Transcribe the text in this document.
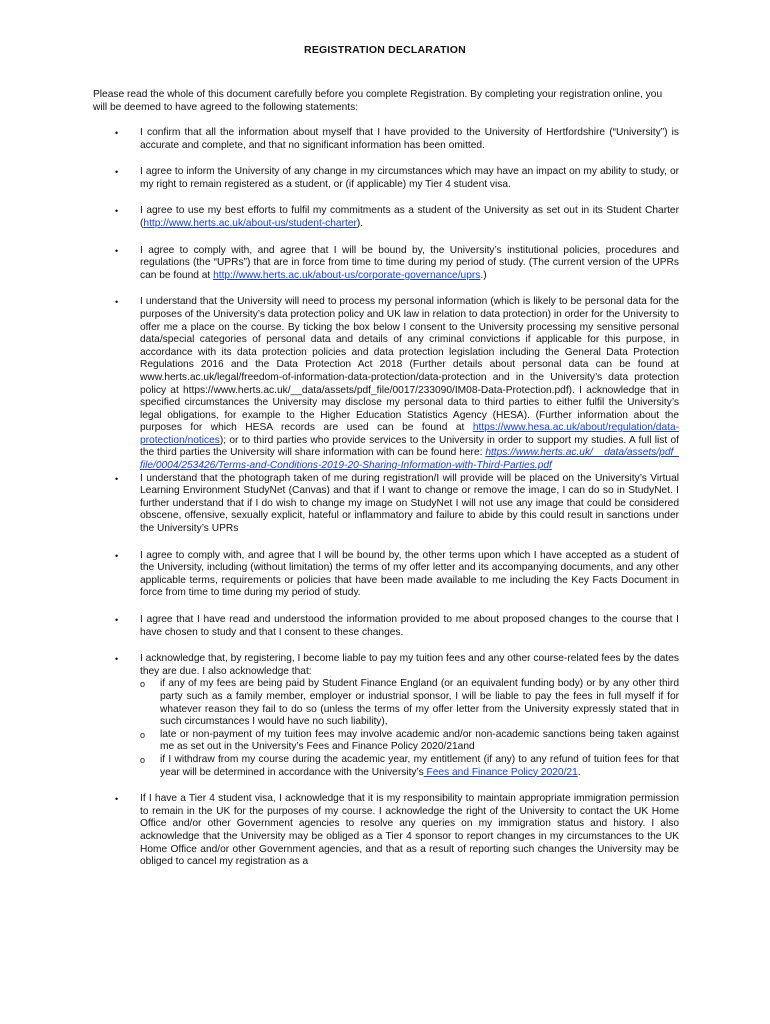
REGISTRATION DECLARATION

Please read the whole of this document carefully before you complete Registration. By completing your registration online, you will be deemed to have agreed to the following statements:

• I confirm that all the information about myself that I have provided to the University of Hertfordshire (“University”) is accurate and complete, and that no significant information has been omitted.
• I agree to inform the University of any change in my circumstances which may have an impact on my ability to study, or my right to remain registered as a student, or (if applicable) my Tier 4 student visa.
• I agree to use my best efforts to fulfil my commitments as a student of the University as set out in its Student Charter (http://www.herts.ac.uk/about-us/student-charter).
• I agree to comply with, and agree that I will be bound by, the University’s institutional policies, procedures and regulations (the “UPRs”) that are in force from time to time during my period of study. (The current version of the UPRs can be found at http://www.herts.ac.uk/about-us/corporate-governance/uprs.)
• I understand that the University will need to process my personal information (which is likely to be personal data for the purposes of the University’s data protection policy and UK law in relation to data protection) in order for the University to offer me a place on the course. By ticking the box below I consent to the University processing my sensitive personal data/special categories of personal data and details of any criminal convictions if applicable for this purpose, in accordance with its data protection policies and data protection legislation including the General Data Protection Regulations 2016 and the Data Protection Act 2018 (Further details about personal data can be found at www.herts.ac.uk/legal/freedom-of-information-data-protection/data-protection and in the University’s data protection policy at https://www.herts.ac.uk/__data/assets/pdf_file/0017/233090/IM08-Data-Protection.pdf). I acknowledge that in specified circumstances the University may disclose my personal data to third parties to either fulfil the University’s legal obligations, for example to the Higher Education Statistics Agency (HESA). (Further information about the purposes for which HESA records are used can be found at https://www.hesa.ac.uk/about/regulation/data-protection/notices); or to third parties who provide services to the University in order to support my studies. A full list of the third parties the University will share information with can be found here: https://www.herts.ac.uk/__data/assets/pdf_file/0004/253426/Terms-and-Conditions-2019-20-Sharing-Information-with-Third-Parties.pdf
• I understand that the photograph taken of me during registration/I will provide will be placed on the University’s Virtual Learning Environment StudyNet (Canvas) and that if I want to change or remove the image, I can do so in StudyNet. I further understand that if I do wish to change my image on StudyNet I will not use any image that could be considered obscene, offensive, sexually explicit, hateful or inflammatory and failure to abide by this could result in sanctions under the University’s UPRs
• I agree to comply with, and agree that I will be bound by, the other terms upon which I have accepted as a student of the University, including (without limitation) the terms of my offer letter and its accompanying documents, and any other applicable terms, requirements or policies that have been made available to me including the Key Facts Document in force from time to time during my period of study.
• I agree that I have read and understood the information provided to me about proposed changes to the course that I have chosen to study and that I consent to these changes.
• I acknowledge that, by registering, I become liable to pay my tuition fees and any other course-related fees by the dates they are due. I also acknowledge that:
o if any of my fees are being paid by Student Finance England (or an equivalent funding body) or by any other third party such as a family member, employer or industrial sponsor, I will be liable to pay the fees in full myself if for whatever reason they fail to do so (unless the terms of my offer letter from the University expressly stated that in such circumstances I would have no such liability),
o late or non-payment of my tuition fees may involve academic and/or non-academic sanctions being taken against me as set out in the University’s Fees and Finance Policy 2020/21and
o if I withdraw from my course during the academic year, my entitlement (if any) to any refund of tuition fees for that year will be determined in accordance with the University’s Fees and Finance Policy 2020/21.
• If I have a Tier 4 student visa, I acknowledge that it is my responsibility to maintain appropriate immigration permission to remain in the UK for the purposes of my course. I acknowledge the right of the University to contact the UK Home Office and/or other Government agencies to resolve any queries on my immigration status and history. I also acknowledge that the University may be obliged as a Tier 4 sponsor to report changes in my circumstances to the UK Home Office and/or other Government agencies, and that as a result of reporting such changes the University may be obliged to cancel my registration as a
